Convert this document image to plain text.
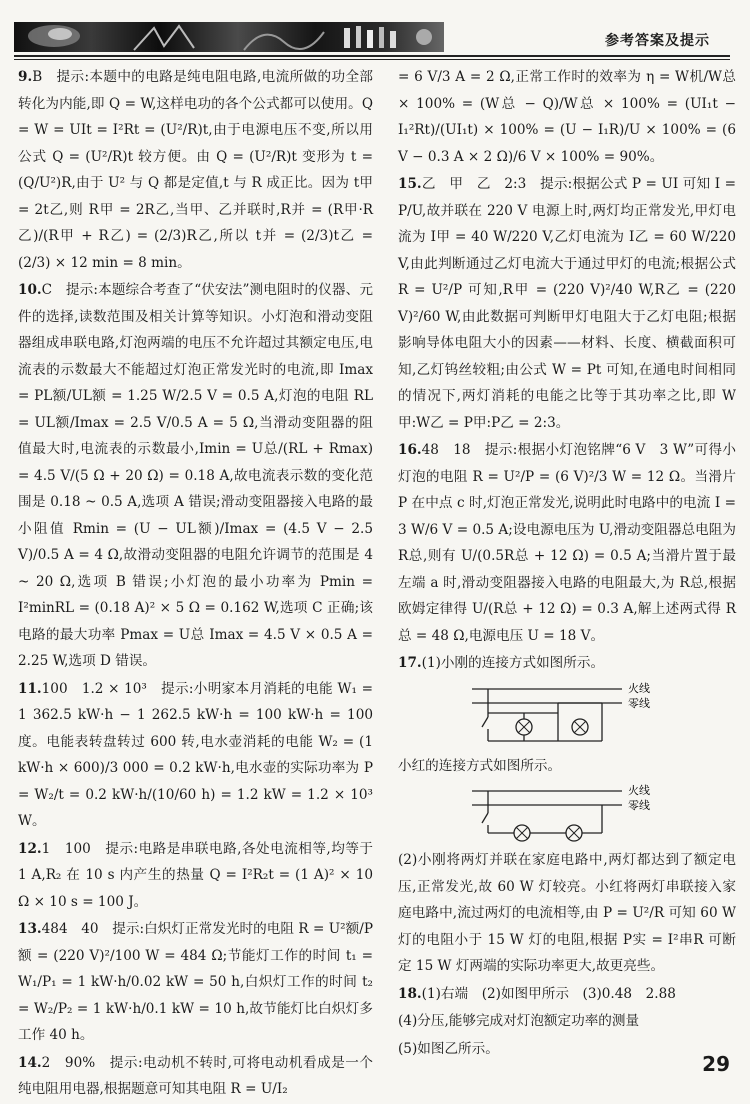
参考答案及提示
9.B　提示:本题中的电路是纯电阻电路,电流所做的功全部转化为内能,即 Q = W,这样电功的各个公式都可以使用。Q = W = UIt = I²Rt = (U²/R)t,由于电源电压不变,所以用公式 Q = (U²/R)t 较方便。由 Q = (U²/R)t 变形为 t = (Q/U²)R,由于 U² 与 Q 都是定值,t 与 R 成正比。因为 t甲 = 2t乙,则 R甲 = 2R乙,当甲、乙并联时,R并 = (R甲·R乙)/(R甲 + R乙) = (2/3)R乙,所以 t并 = (2/3)t乙 = (2/3) × 12 min = 8 min。
10.C　提示:本题综合考查了“伏安法”测电阻时的仪器、元件的选择,读数范围及相关计算等知识。小灯泡和滑动变阻器组成串联电路,灯泡两端的电压不允许超过其额定电压,电流表的示数最大不能超过灯泡正常发光时的电流,即 Imax = PL额/UL额 = 1.25 W/2.5 V = 0.5 A,灯泡的电阻 RL = UL额/Imax = 2.5 V/0.5 A = 5 Ω,当滑动变阻器的阻值最大时,电流表的示数最小,Imin = U总/(RL + Rmax) = 4.5 V/(5 Ω + 20 Ω) = 0.18 A,故电流表示数的变化范围是 0.18 ~ 0.5 A,选项 A 错误;滑动变阻器接入电路的最小阻值 Rmin = (U − UL额)/Imax = (4.5 V − 2.5 V)/0.5 A = 4 Ω,故滑动变阻器的电阻允许调节的范围是 4 ~ 20 Ω,选项 B 错误;小灯泡的最小功率为 Pmin = I²minRL = (0.18 A)² × 5 Ω = 0.162 W,选项 C 正确;该电路的最大功率 Pmax = U总 Imax = 4.5 V × 0.5 A = 2.25 W,选项 D 错误。
11.100　1.2 × 10³　提示:小明家本月消耗的电能 W₁ = 1 362.5 kW·h − 1 262.5 kW·h = 100 kW·h = 100 度。电能表转盘转过 600 转,电水壶消耗的电能 W₂ = (1 kW·h × 600)/3 000 = 0.2 kW·h,电水壶的实际功率为 P = W₂/t = 0.2 kW·h/(10/60 h) = 1.2 kW = 1.2 × 10³ W。
12.1　100　提示:电路是串联电路,各处电流相等,均等于 1 A,R₂ 在 10 s 内产生的热量 Q = I²R₂t = (1 A)² × 10 Ω × 10 s = 100 J。
13.484　40　提示:白炽灯正常发光时的电阻 R = U²额/P额 = (220 V)²/100 W = 484 Ω;节能灯工作的时间 t₁ = W₁/P₁ = 1 kW·h/0.02 kW = 50 h,白炽灯工作的时间 t₂ = W₂/P₂ = 1 kW·h/0.1 kW = 10 h,故节能灯比白炽灯多工作 40 h。
14.2　90%　提示:电动机不转时,可将电动机看成是一个纯电阻用电器,根据题意可知其电阻 R = U/I₂
= 6 V/3 A = 2 Ω,正常工作时的效率为 η = W机/W总 × 100% = (W总 − Q)/W总 × 100% = (UI₁t − I₁²Rt)/(UI₁t) × 100% = (U − I₁R)/U × 100% = (6 V − 0.3 A × 2 Ω)/6 V × 100% = 90%。
15.乙　甲　乙　2:3　提示:根据公式 P = UI 可知 I = P/U,故并联在 220 V 电源上时,两灯均正常发光,甲灯电流为 I甲 = 40 W/220 V,乙灯电流为 I乙 = 60 W/220 V,由此判断通过乙灯电流大于通过甲灯的电流;根据公式 R = U²/P 可知,R甲 = (220 V)²/40 W,R乙 = (220 V)²/60 W,由此数据可判断甲灯电阻大于乙灯电阻;根据影响导体电阻大小的因素——材料、长度、横截面积可知,乙灯钨丝较粗;由公式 W = Pt 可知,在通电时间相同的情况下,两灯消耗的电能之比等于其功率之比,即 W甲:W乙 = P甲:P乙 = 2:3。
16.48　18　提示:根据小灯泡铭牌“6 V　3 W”可得小灯泡的电阻 R = U²/P = (6 V)²/3 W = 12 Ω。当滑片 P 在中点 c 时,灯泡正常发光,说明此时电路中的电流 I = 3 W/6 V = 0.5 A;设电源电压为 U,滑动变阻器总电阻为 R总,则有 U/(0.5R总 + 12 Ω) = 0.5 A;当滑片置于最左端 a 时,滑动变阻器接入电路的电阻最大,为 R总,根据欧姆定律得 U/(R总 + 12 Ω) = 0.3 A,解上述两式得 R总 = 48 Ω,电源电压 U = 18 V。
17.(1)小刚的连接方式如图所示。
火线
零线
小红的连接方式如图所示。
火线
零线
(2)小刚将两灯并联在家庭电路中,两灯都达到了额定电压,正常发光,故 60 W 灯较亮。小红将两灯串联接入家庭电路中,流过两灯的电流相等,由 P = U²/R 可知 60 W 灯的电阻小于 15 W 灯的电阻,根据 P实 = I²串R 可断定 15 W 灯两端的实际功率更大,故更亮些。
18.(1)右端　(2)如图甲所示　(3)0.48　2.88
(4)分压,能够完成对灯泡额定功率的测量
(5)如图乙所示。
29
